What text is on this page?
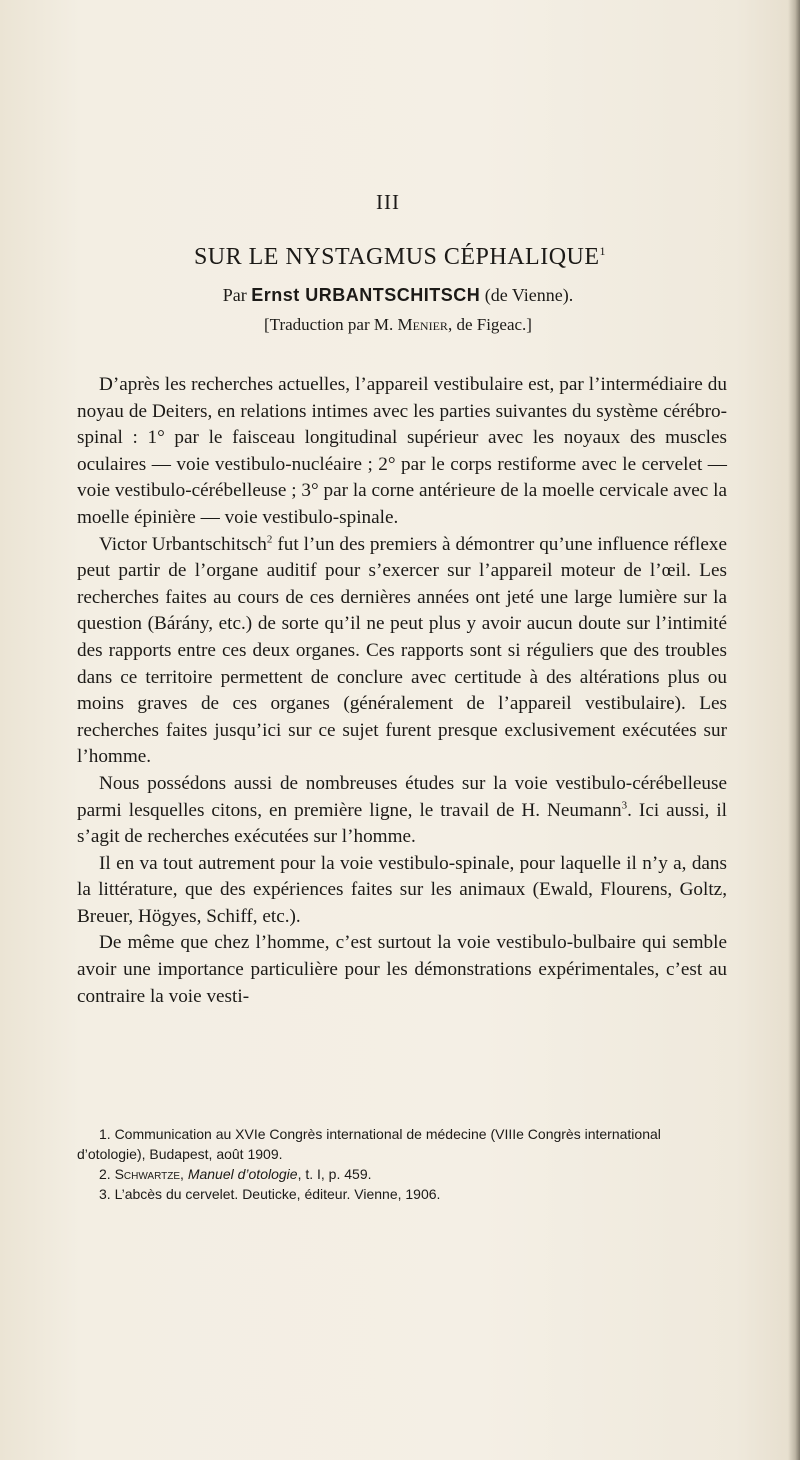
III
SUR LE NYSTAGMUS CÉPHALIQUE$^1$
Par Ernst URBANTSCHITSCH (de Vienne).
[Traduction par M. Menier, de Figeac.]

D’après les recherches actuelles, l’appareil vestibulaire est, par l’intermédiaire du noyau de Deiters, en relations intimes avec les parties suivantes du système cérébro-spinal : 1° par le faisceau longitudinal supérieur avec les noyaux des muscles oculaires — voie vestibulo-nucléaire ; 2° par le corps restiforme avec le cervelet — voie vestibulo-cérébelleuse ; 3° par la corne antérieure de la moelle cervicale avec la moelle épinière — voie vestibulo-spinale.

Victor Urbantschitsch$^2$ fut l’un des premiers à démontrer qu’une influence réflexe peut partir de l’organe auditif pour s’exercer sur l’appareil moteur de l’œil. Les recherches faites au cours de ces dernières années ont jeté une large lumière sur la question (Bárány, etc.) de sorte qu’il ne peut plus y avoir aucun doute sur l’intimité des rapports entre ces deux organes. Ces rapports sont si réguliers que des troubles dans ce territoire permettent de conclure avec certitude à des altérations plus ou moins graves de ces organes (généralement de l’appareil vestibulaire). Les recherches faites jusqu’ici sur ce sujet furent presque exclusivement exécutées sur l’homme.

Nous possédons aussi de nombreuses études sur la voie vestibulo-cérébelleuse parmi lesquelles citons, en première ligne, le travail de H. Neumann$^3$. Ici aussi, il s’agit de recherches exécutées sur l’homme.

Il en va tout autrement pour la voie vestibulo-spinale, pour laquelle il n’y a, dans la littérature, que des expériences faites sur les animaux (Ewald, Flourens, Goltz, Breuer, Högyes, Schiff, etc.).

De même que chez l’homme, c’est surtout la voie vestibulo-bulbaire qui semble avoir une importance particulière pour les démonstrations expérimentales, c’est au contraire la voie vesti-

1. Communication au XVIe Congrès international de médecine (VIIIe Congrès international d’otologie), Budapest, août 1909.

2. Schwartze, Manuel d’otologie, t. I, p. 459.

3. L’abcès du cervelet. Deuticke, éditeur. Vienne, 1906.
